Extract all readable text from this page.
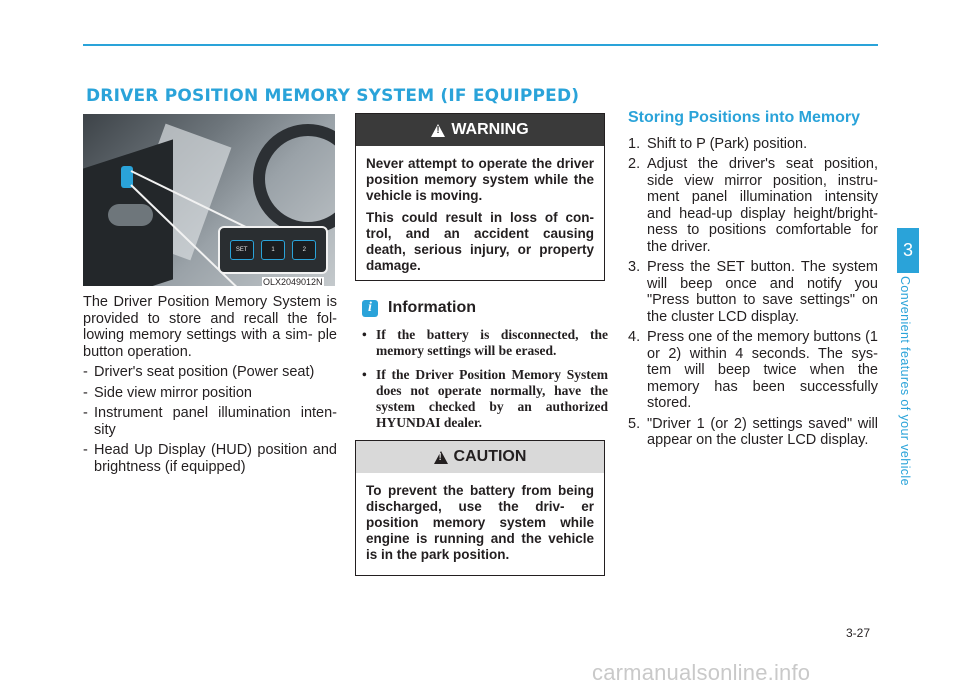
DRIVER POSITION MEMORY SYSTEM (IF EQUIPPED)
SET	1	2
OLX2049012N

The Driver Position Memory System is provided to store and recall the fol- lowing memory settings with a sim- ple button operation.

- Driver's seat position (Power seat)
- Side view mirror position
- Instrument panel illumination inten- sity
- Head Up Display (HUD) position and brightness (if equipped)
! WARNING

Never attempt to operate the driver position memory system while the vehicle is moving.

This could result in loss of con- trol, and an accident causing death, serious injury, or property damage.

i	Information
• If the battery is disconnected, the memory settings will be erased.
• If the Driver Position Memory System does not operate normally, have the system checked by an authorized HYUNDAI dealer.
! CAUTION

To prevent the battery from being discharged, use the driv- er position memory system while engine is running and the vehicle is in the park position.

Storing Positions into Memory
1. Shift to P (Park) position.
2. Adjust the driver's seat position, side view mirror position, instru- ment panel illumination intensity and head-up display height/bright- ness to positions comfortable for the driver.
3. Press the SET button. The system will beep once and notify you "Press button to save settings" on the cluster LCD display.
4. Press one of the memory buttons (1 or 2) within 4 seconds. The sys- tem will beep twice when the memory has been successfully stored.
5. "Driver 1 (or 2) settings saved" will appear on the cluster LCD display.
3
Convenient features of your vehicle
3-27
carmanualsonline.info
